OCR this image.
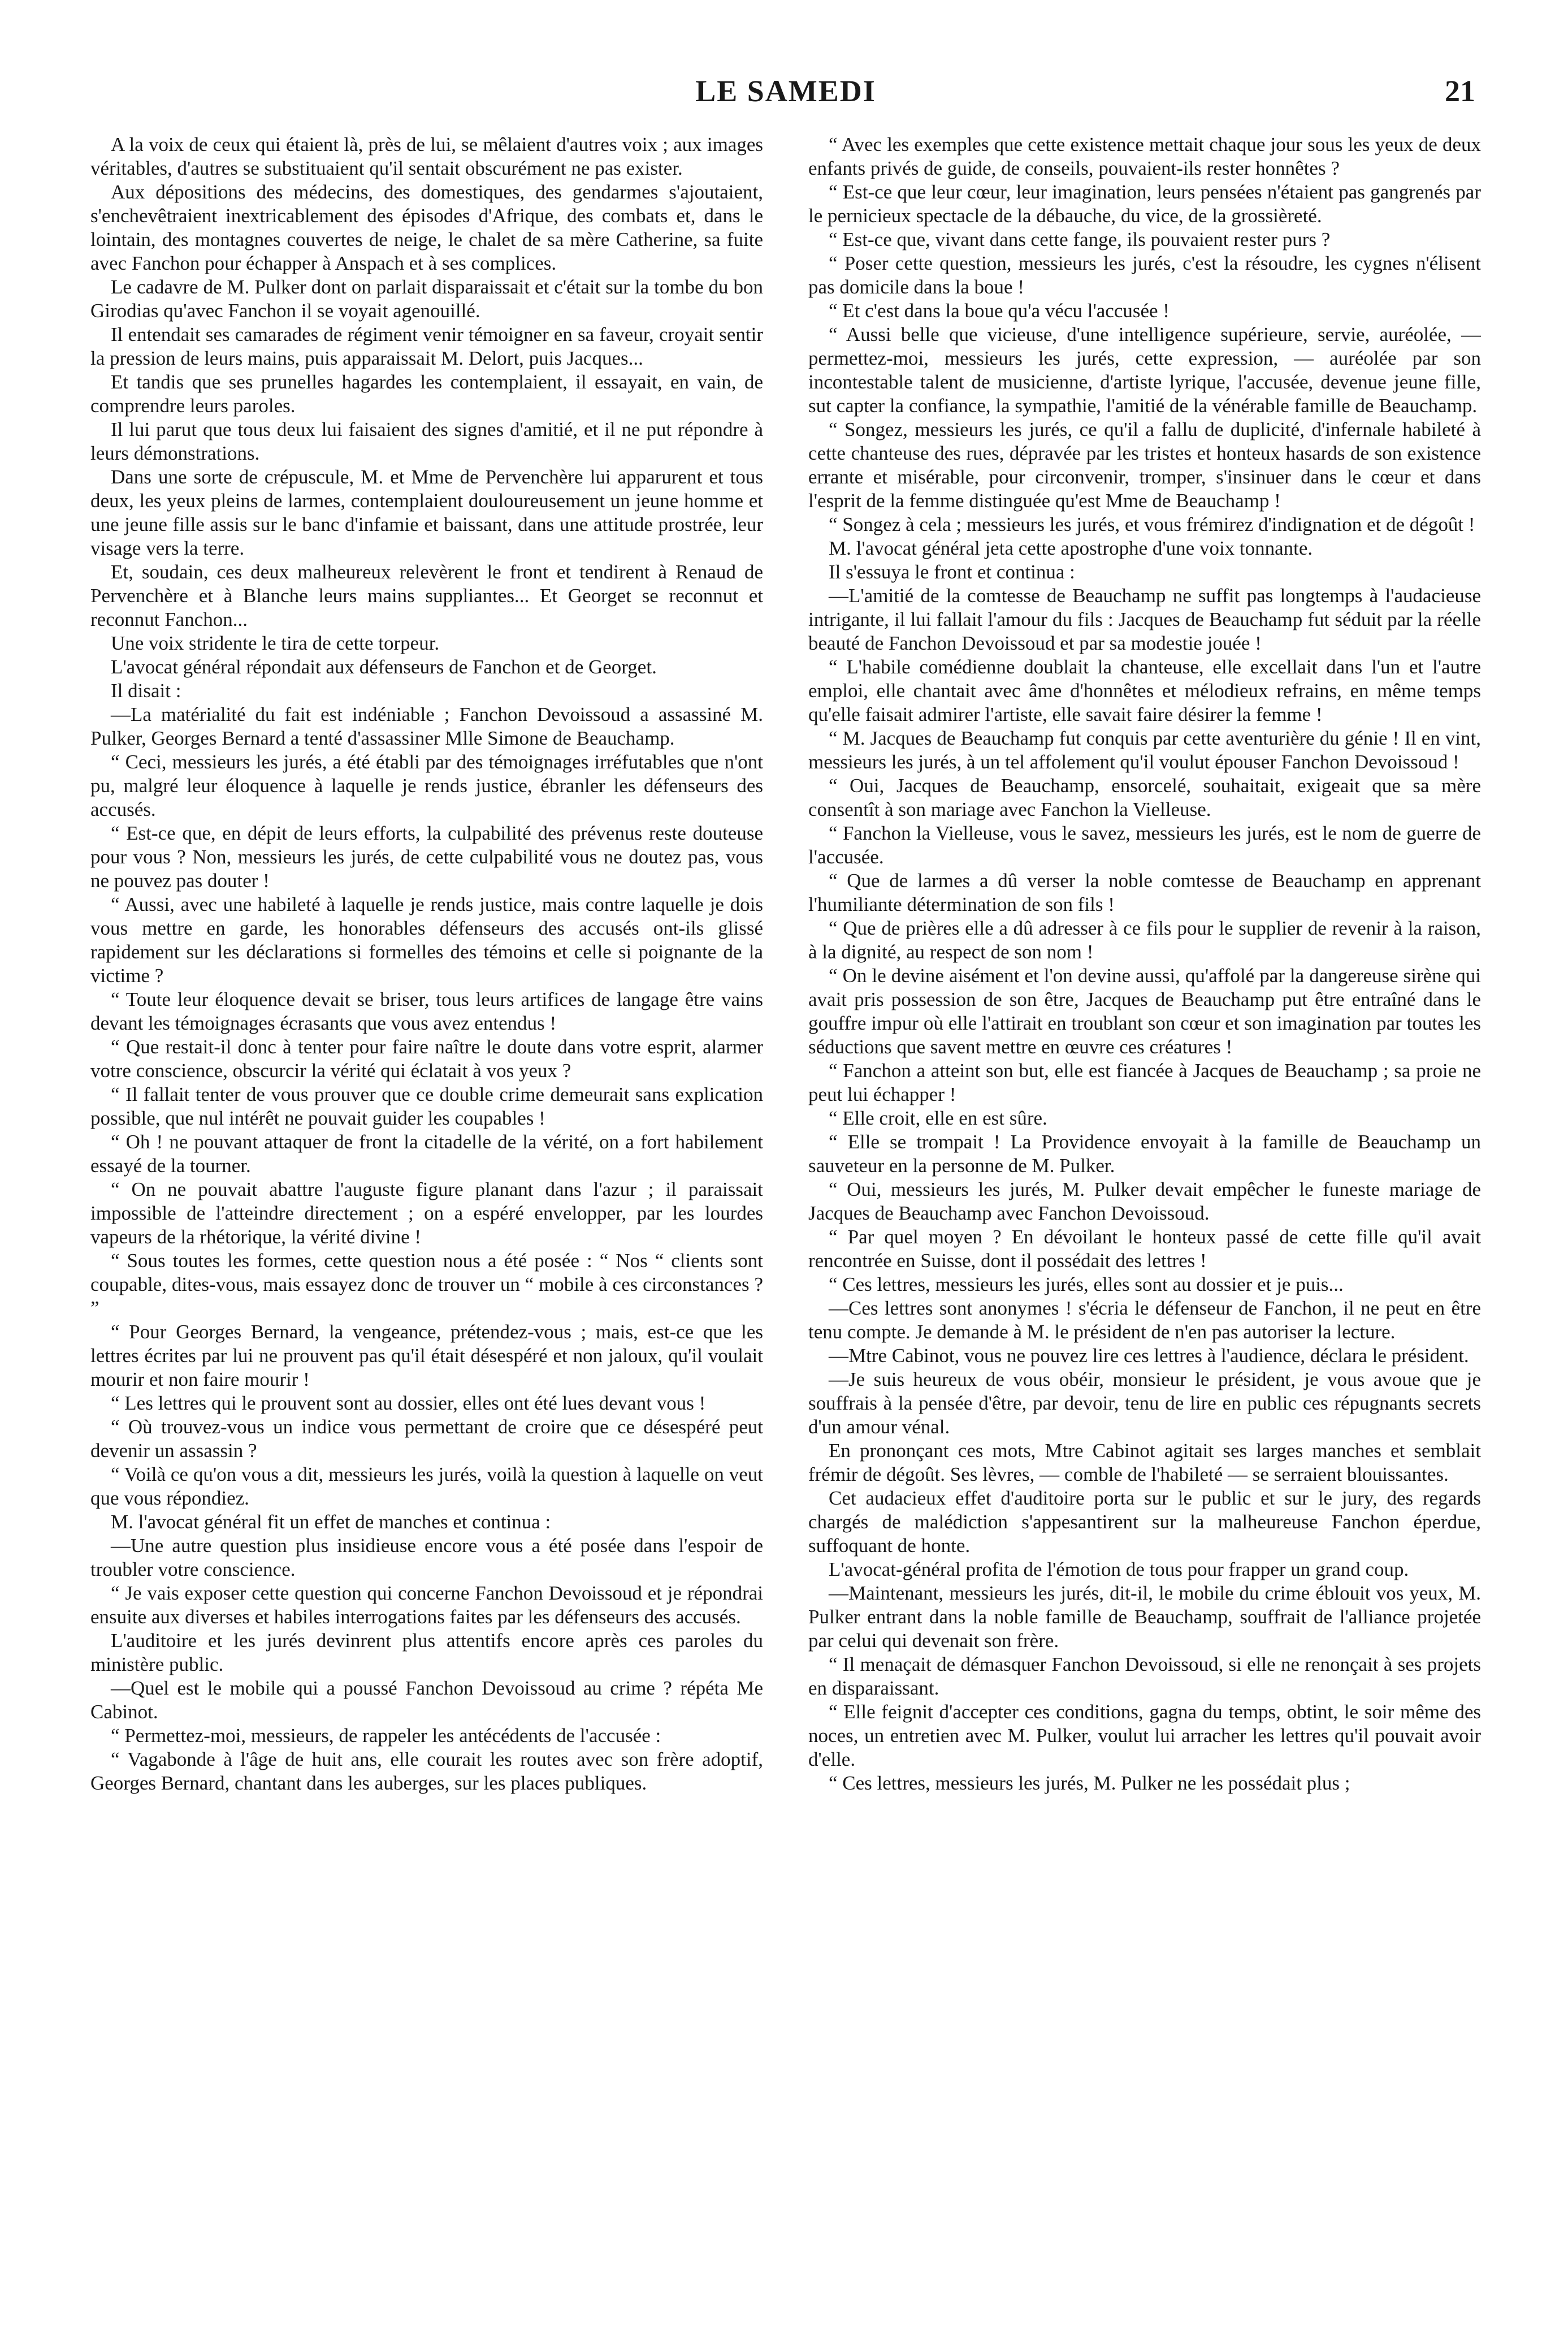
LE SAMEDI	21

A la voix de ceux qui étaient là, près de lui, se mêlaient d'autres voix ; aux images véritables, d'autres se substituaient qu'il sentait obscurément ne pas exister.

Aux dépositions des médecins, des domestiques, des gendarmes s'ajoutaient, s'enchevêtraient inextricablement des épisodes d'Afrique, des combats et, dans le lointain, des montagnes couvertes de neige, le chalet de sa mère Catherine, sa fuite avec Fanchon pour échapper à Anspach et à ses complices.

Le cadavre de M. Pulker dont on parlait disparaissait et c'était sur la tombe du bon Girodias qu'avec Fanchon il se voyait agenouillé.

Il entendait ses camarades de régiment venir témoigner en sa faveur, croyait sentir la pression de leurs mains, puis apparaissait M. Delort, puis Jacques...

Et tandis que ses prunelles hagardes les contemplaient, il essayait, en vain, de comprendre leurs paroles.

Il lui parut que tous deux lui faisaient des signes d'amitié, et il ne put répondre à leurs démonstrations.

Dans une sorte de crépuscule, M. et Mme de Pervenchère lui apparurent et tous deux, les yeux pleins de larmes, contemplaient douloureusement un jeune homme et une jeune fille assis sur le banc d'infamie et baissant, dans une attitude prostrée, leur visage vers la terre.

Et, soudain, ces deux malheureux relevèrent le front et tendirent à Renaud de Pervenchère et à Blanche leurs mains suppliantes... Et Georget se reconnut et reconnut Fanchon...

Une voix stridente le tira de cette torpeur.

L'avocat général répondait aux défenseurs de Fanchon et de Georget.

Il disait :

—La matérialité du fait est indéniable ; Fanchon Devoissoud a assassiné M. Pulker, Georges Bernard a tenté d'assassiner Mlle Simone de Beauchamp.

“ Ceci, messieurs les jurés, a été établi par des témoignages irréfutables que n'ont pu, malgré leur éloquence à laquelle je rends justice, ébranler les défenseurs des accusés.

“ Est-ce que, en dépit de leurs efforts, la culpabilité des prévenus reste douteuse pour vous ? Non, messieurs les jurés, de cette culpabilité vous ne doutez pas, vous ne pouvez pas douter !

“ Aussi, avec une habileté à laquelle je rends justice, mais contre laquelle je dois vous mettre en garde, les honorables défenseurs des accusés ont-ils glissé rapidement sur les déclarations si formelles des témoins et celle si poignante de la victime ?

“ Toute leur éloquence devait se briser, tous leurs artifices de langage être vains devant les témoignages écrasants que vous avez entendus !

“ Que restait-il donc à tenter pour faire naître le doute dans votre esprit, alarmer votre conscience, obscurcir la vérité qui éclatait à vos yeux ?

“ Il fallait tenter de vous prouver que ce double crime demeurait sans explication possible, que nul intérêt ne pouvait guider les coupables !

“ Oh ! ne pouvant attaquer de front la citadelle de la vérité, on a fort habilement essayé de la tourner.

“ On ne pouvait abattre l'auguste figure planant dans l'azur ; il paraissait impossible de l'atteindre directement ; on a espéré envelopper, par les lourdes vapeurs de la rhétorique, la vérité divine !

“ Sous toutes les formes, cette question nous a été posée : “ Nos “ clients sont coupable, dites-vous, mais essayez donc de trouver un “ mobile à ces circonstances ? ”

“ Pour Georges Bernard, la vengeance, prétendez-vous ; mais, est-ce que les lettres écrites par lui ne prouvent pas qu'il était désespéré et non jaloux, qu'il voulait mourir et non faire mourir !

“ Les lettres qui le prouvent sont au dossier, elles ont été lues devant vous !

“ Où trouvez-vous un indice vous permettant de croire que ce désespéré peut devenir un assassin ?

“ Voilà ce qu'on vous a dit, messieurs les jurés, voilà la question à laquelle on veut que vous répondiez.

M. l'avocat général fit un effet de manches et continua :

—Une autre question plus insidieuse encore vous a été posée dans l'espoir de troubler votre conscience.

“ Je vais exposer cette question qui concerne Fanchon Devoissoud et je répondrai ensuite aux diverses et habiles interrogations faites par les défenseurs des accusés.

L'auditoire et les jurés devinrent plus attentifs encore après ces paroles du ministère public.

—Quel est le mobile qui a poussé Fanchon Devoissoud au crime ? répéta Me Cabinot.

“ Permettez-moi, messieurs, de rappeler les antécédents de l'accusée :

“ Vagabonde à l'âge de huit ans, elle courait les routes avec son frère adoptif, Georges Bernard, chantant dans les auberges, sur les places publiques.

“ Avec les exemples que cette existence mettait chaque jour sous les yeux de deux enfants privés de guide, de conseils, pouvaient-ils rester honnêtes ?

“ Est-ce que leur cœur, leur imagination, leurs pensées n'étaient pas gangrenés par le pernicieux spectacle de la débauche, du vice, de la grossièreté.

“ Est-ce que, vivant dans cette fange, ils pouvaient rester purs ?

“ Poser cette question, messieurs les jurés, c'est la résoudre, les cygnes n'élisent pas domicile dans la boue !

“ Et c'est dans la boue qu'a vécu l'accusée !

“ Aussi belle que vicieuse, d'une intelligence supérieure, servie, auréolée, — permettez-moi, messieurs les jurés, cette expression, — auréolée par son incontestable talent de musicienne, d'artiste lyrique, l'accusée, devenue jeune fille, sut capter la confiance, la sympathie, l'amitié de la vénérable famille de Beauchamp.

“ Songez, messieurs les jurés, ce qu'il a fallu de duplicité, d'infernale habileté à cette chanteuse des rues, dépravée par les tristes et honteux hasards de son existence errante et misérable, pour circonvenir, tromper, s'insinuer dans le cœur et dans l'esprit de la femme distinguée qu'est Mme de Beauchamp !

“ Songez à cela ; messieurs les jurés, et vous frémirez d'indignation et de dégoût !

M. l'avocat général jeta cette apostrophe d'une voix tonnante.

Il s'essuya le front et continua :

—L'amitié de la comtesse de Beauchamp ne suffit pas longtemps à l'audacieuse intrigante, il lui fallait l'amour du fils : Jacques de Beauchamp fut séduit par la réelle beauté de Fanchon Devoissoud et par sa modestie jouée !

“ L'habile comédienne doublait la chanteuse, elle excellait dans l'un et l'autre emploi, elle chantait avec âme d'honnêtes et mélodieux refrains, en même temps qu'elle faisait admirer l'artiste, elle savait faire désirer la femme !

“ M. Jacques de Beauchamp fut conquis par cette aventurière du génie ! Il en vint, messieurs les jurés, à un tel affolement qu'il voulut épouser Fanchon Devoissoud !

“ Oui, Jacques de Beauchamp, ensorcelé, souhaitait, exigeait que sa mère consentît à son mariage avec Fanchon la Vielleuse.

“ Fanchon la Vielleuse, vous le savez, messieurs les jurés, est le nom de guerre de l'accusée.

“ Que de larmes a dû verser la noble comtesse de Beauchamp en apprenant l'humiliante détermination de son fils !

“ Que de prières elle a dû adresser à ce fils pour le supplier de revenir à la raison, à la dignité, au respect de son nom !

“ On le devine aisément et l'on devine aussi, qu'affolé par la dangereuse sirène qui avait pris possession de son être, Jacques de Beauchamp put être entraîné dans le gouffre impur où elle l'attirait en troublant son cœur et son imagination par toutes les séductions que savent mettre en œuvre ces créatures !

“ Fanchon a atteint son but, elle est fiancée à Jacques de Beauchamp ; sa proie ne peut lui échapper !

“ Elle croit, elle en est sûre.

“ Elle se trompait ! La Providence envoyait à la famille de Beauchamp un sauveteur en la personne de M. Pulker.

“ Oui, messieurs les jurés, M. Pulker devait empêcher le funeste mariage de Jacques de Beauchamp avec Fanchon Devoissoud.

“ Par quel moyen ? En dévoilant le honteux passé de cette fille qu'il avait rencontrée en Suisse, dont il possédait des lettres !

“ Ces lettres, messieurs les jurés, elles sont au dossier et je puis...

—Ces lettres sont anonymes ! s'écria le défenseur de Fanchon, il ne peut en être tenu compte. Je demande à M. le président de n'en pas autoriser la lecture.

—Mtre Cabinot, vous ne pouvez lire ces lettres à l'audience, déclara le président.

—Je suis heureux de vous obéir, monsieur le président, je vous avoue que je souffrais à la pensée d'être, par devoir, tenu de lire en public ces répugnants secrets d'un amour vénal.

En prononçant ces mots, Mtre Cabinot agitait ses larges manches et semblait frémir de dégoût. Ses lèvres, — comble de l'habileté — se serraient blouissantes.

Cet audacieux effet d'auditoire porta sur le public et sur le jury, des regards chargés de malédiction s'appesantirent sur la malheureuse Fanchon éperdue, suffoquant de honte.

L'avocat-général profita de l'émotion de tous pour frapper un grand coup.

—Maintenant, messieurs les jurés, dit-il, le mobile du crime éblouit vos yeux, M. Pulker entrant dans la noble famille de Beauchamp, souffrait de l'alliance projetée par celui qui devenait son frère.

“ Il menaçait de démasquer Fanchon Devoissoud, si elle ne renonçait à ses projets en disparaissant.

“ Elle feignit d'accepter ces conditions, gagna du temps, obtint, le soir même des noces, un entretien avec M. Pulker, voulut lui arracher les lettres qu'il pouvait avoir d'elle.

“ Ces lettres, messieurs les jurés, M. Pulker ne les possédait plus ;
